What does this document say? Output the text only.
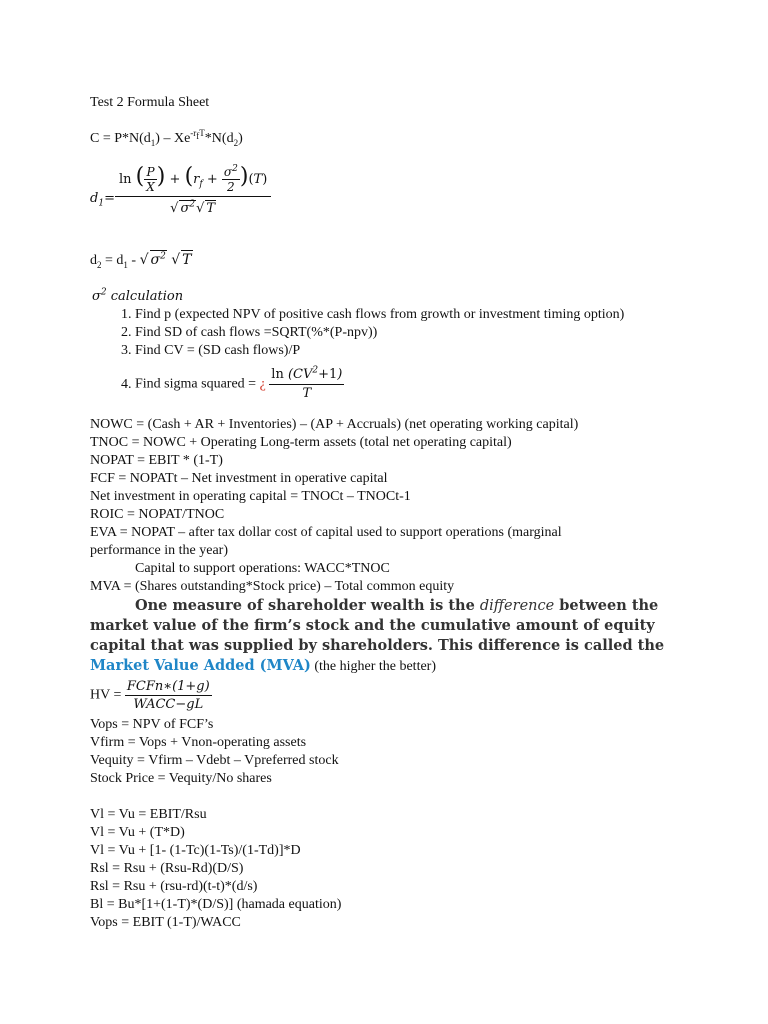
Test 2 Formula Sheet
$C = P*N(d_1) - Xe^{-r_fT}*N(d_2)$
$d_1= \frac{\ln ( \frac{P}{X} ) + (r_f + \frac{\sigma^2}{2} )(T)}{√ \sigma^2√ T}$
$d_2 = d_1$ - √ $\sigma^2$ √ T
$\sigma^2$ calculation
1. Find p (expected NPV of positive cash flows from growth or investment timing option)
2. Find SD of cash flows =SQRT(%*(P-npv))
3. Find CV = (SD cash flows)/P
4. Find sigma squared = ¿ $\frac{\ln (CV^2+1)}{T}$
NOWC = (Cash + AR + Inventories) – (AP + Accruals) (net operating working capital)
TNOC = NOWC + Operating Long-term assets (total net operating capital)
NOPAT = EBIT * (1-T)
FCF = NOPATt – Net investment in operative capital
Net investment in operating capital = TNOCt – TNOCt-1
ROIC = NOPAT/TNOC
EVA = NOPAT – after tax dollar cost of capital used to support operations (marginal
performance in the year)
Capital to support operations: WACC*TNOC
MVA = (Shares outstanding*Stock price) – Total common equity
One measure of shareholder wealth is the difference between the market value of the firm’s stock and the cumulative amount of equity capital that was supplied by shareholders. This difference is called the Market Value Added (MVA) (the higher the better)
HV = $\frac{\text{FCFn∗(1+g)}}{\text{WACC−gL}}$
Vops = NPV of FCF’s
Vfirm = Vops + Vnon-operating assets
Vequity = Vfirm – Vdebt – Vpreferred stock
Stock Price = Vequity/No shares
Vl = Vu = EBIT/Rsu
Vl = Vu + (T*D)
Vl = Vu + [1- (1-Tc)(1-Ts)/(1-Td)]*D
Rsl = Rsu + (Rsu-Rd)(D/S)
Rsl = Rsu + (rsu-rd)(t-t)*(d/s)
Bl = Bu*[1+(1-T)*(D/S)] (hamada equation)
Vops = EBIT (1-T)/WACC
